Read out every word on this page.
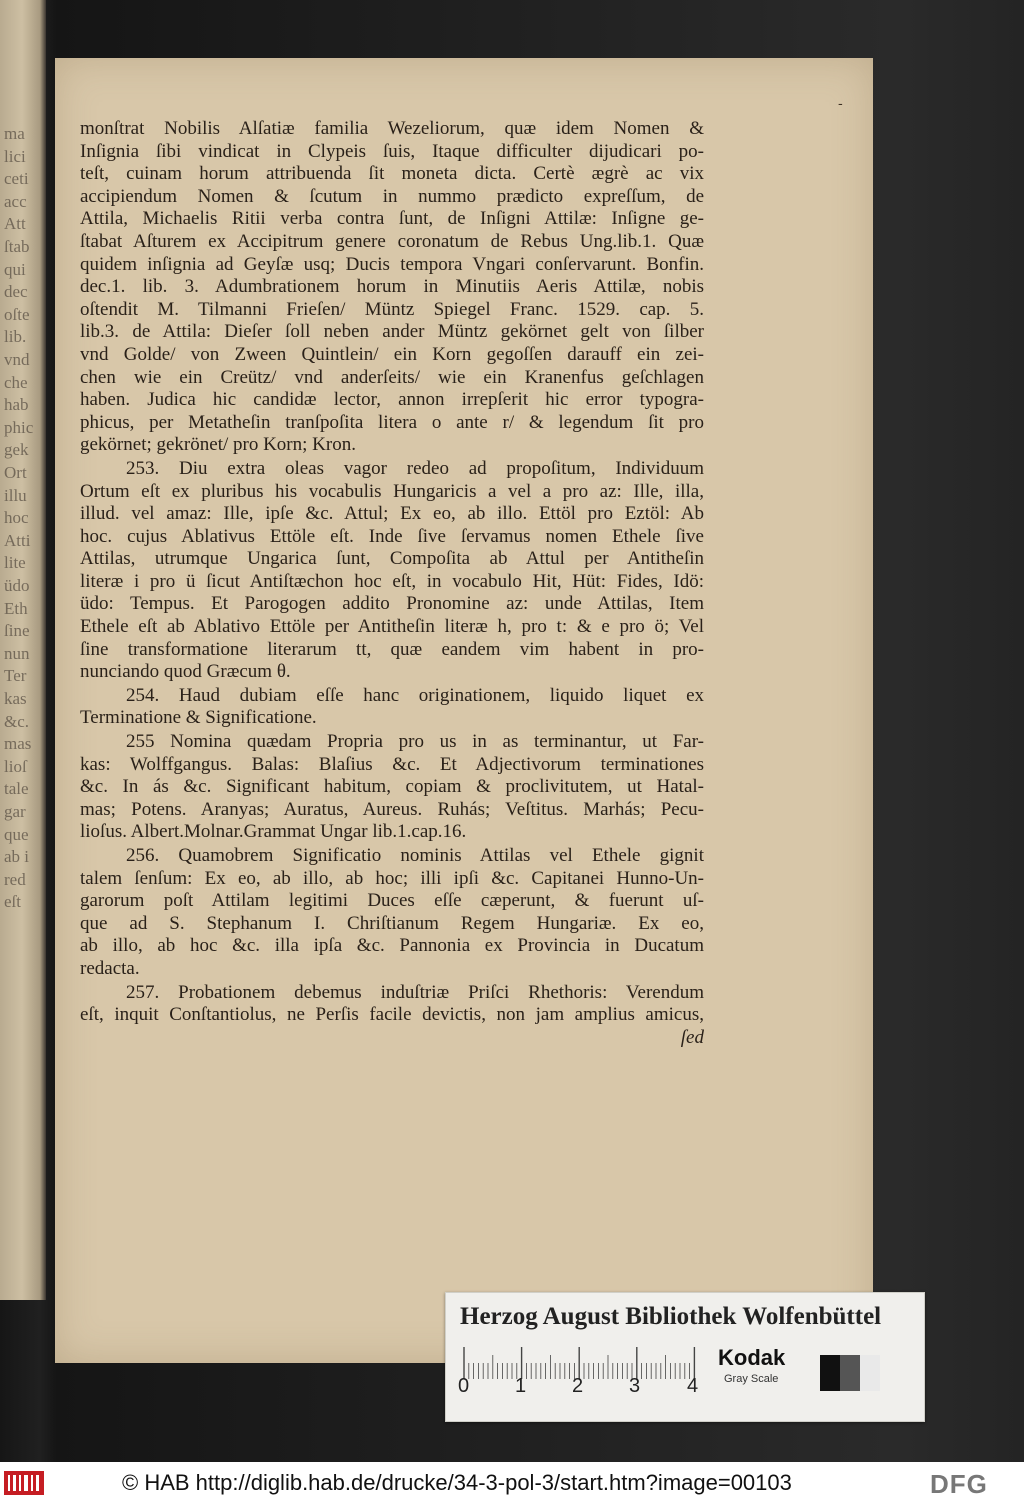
ma
lici
ceti
acc
Att
ſtab
qui
dec
oſte
lib.
vnd
che
hab
phic
gek
Ort
illu
hoc
Atti
lite
üdo
Eth
ſine
nun
Ter
kas
&c.
mas
lioſ
tale
gar
que
ab i
red
eſt
‑
monſtrat Nobilis Alſatiæ familia Wezeliorum, quæ idem Nomen &
Inſignia ſibi vindicat in Clypeis ſuis, Itaque difficulter dijudicari po-
teſt, cuinam horum attribuenda ſit moneta dicta. Certè ægrè ac vix
accipiendum Nomen & ſcutum in nummo prædicto expreſſum, de
Attila, Michaelis Ritii verba contra ſunt, de Inſigni Attilæ: Inſigne ge-
ſtabat Aſturem ex Accipitrum genere coronatum de Rebus Ung.lib.1. Quæ
quidem inſignia ad Geyſæ usq; Ducis tempora Vngari conſervarunt. Bonfin.
dec.1. lib. 3. Adumbrationem horum in Minutiis Aeris Attilæ, nobis
oſtendit M. Tilmanni Frieſen/ Müntz Spiegel Franc. 1529. cap. 5.
lib.3. de Attila: Dieſer ſoll neben ander Müntz gekörnet gelt von ſilber
vnd Golde/ von Zween Quintlein/ ein Korn gegoſſen darauff ein zei-
chen wie ein Creütz/ vnd anderſeits/ wie ein Kranenfus geſchlagen
haben. Judica hic candidæ lector, annon irrepſerit hic error typogra-
phicus, per Metatheſin tranſpoſita litera o ante r/ & legendum ſit pro
gekörnet; gekrönet/ pro Korn; Kron.
253. Diu extra oleas vagor redeo ad propoſitum, Individuum
Ortum eſt ex pluribus his vocabulis Hungaricis a vel a pro az: Ille, illa,
illud. vel amaz: Ille, ipſe &c. Attul; Ex eo, ab illo. Ettöl pro Eztöl: Ab
hoc. cujus Ablativus Ettöle eſt. Inde ſive ſervamus nomen Ethele ſive
Attilas, utrumque Ungarica ſunt, Compoſita ab Attul per Antitheſin
literæ i pro ü ſicut Antiſtæchon hoc eſt, in vocabulo Hit, Hüt: Fides, Idö:
üdo: Tempus. Et Parogogen addito Pronomine az: unde Attilas, Item
Ethele eſt ab Ablativo Ettöle per Antitheſin literæ h, pro t: & e pro ö; Vel
ſine transformatione literarum tt, quæ eandem vim habent in pro-
nunciando quod Græcum θ.
254. Haud dubiam eſſe hanc originationem, liquido liquet ex
Terminatione & Significatione.
255 Nomina quædam Propria pro us in as terminantur, ut Far-
kas: Wolffgangus. Balas: Blaſius &c. Et Adjectivorum terminationes
&c. In ás &c. Significant habitum, copiam & proclivitutem, ut Hatal-
mas; Potens. Aranyas; Auratus, Aureus. Ruhás; Veſtitus. Marhás; Pecu-
lioſus. Albert.Molnar.Grammat Ungar lib.1.cap.16.
256. Quamobrem Significatio nominis Attilas vel Ethele gignit
talem ſenſum: Ex eo, ab illo, ab hoc; illi ipſi &c. Capitanei Hunno-Un-
garorum poſt Attilam legitimi Duces eſſe cæperunt, & fuerunt uſ-
que ad S. Stephanum I. Chriſtianum Regem Hungariæ. Ex eo,
ab illo, ab hoc &c. illa ipſa &c. Pannonia ex Provincia in Ducatum
redacta.
257. Probationem debemus induſtriæ Priſci Rhethoris: Verendum
eſt, inquit Conſtantiolus, ne Perſis facile devictis, non jam amplius amicus,
ſed
Herzog August Bibliothek Wolfenbüttel
0 1 2 3 4
Kodak
Gray Scale
© HAB http://diglib.hab.de/drucke/34-3-pol-3/start.htm?image=00103	DFG
